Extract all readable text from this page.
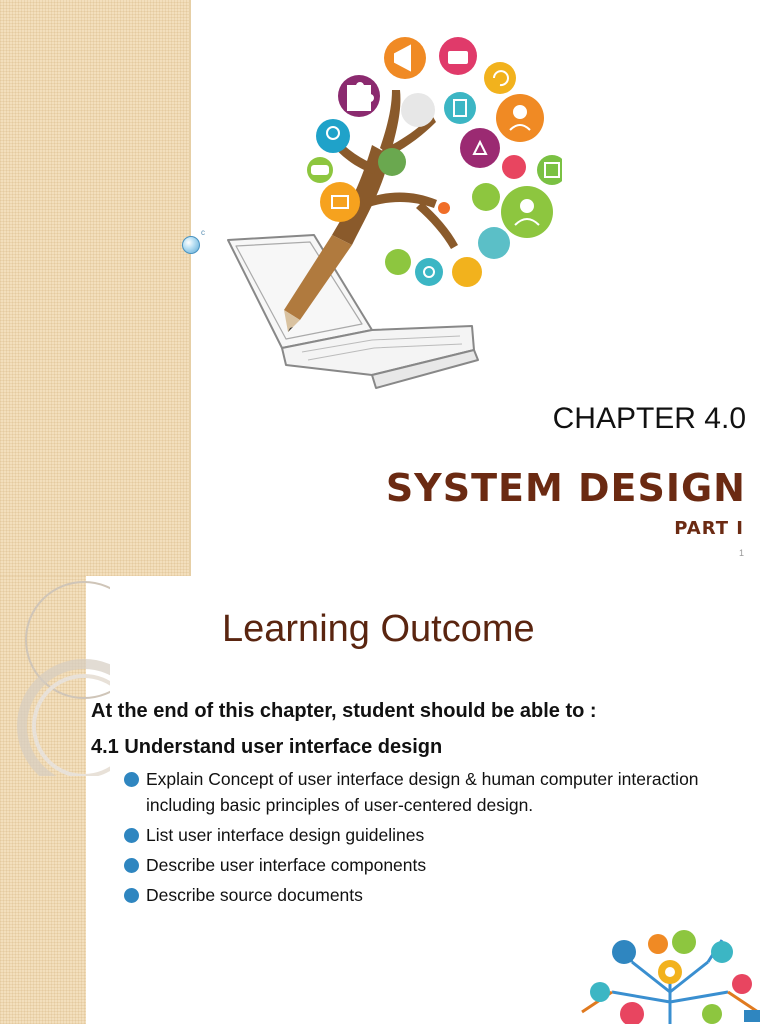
c
CHAPTER 4.0
SYSTEM DESIGN
PART I
1
Learning Outcome
At the end of this chapter, student should be able to :
4.1 Understand user interface design
Explain Concept of user interface design & human computer interaction including basic principles of user-centered design.
List user interface design guidelines
Describe user interface components
Describe source documents
